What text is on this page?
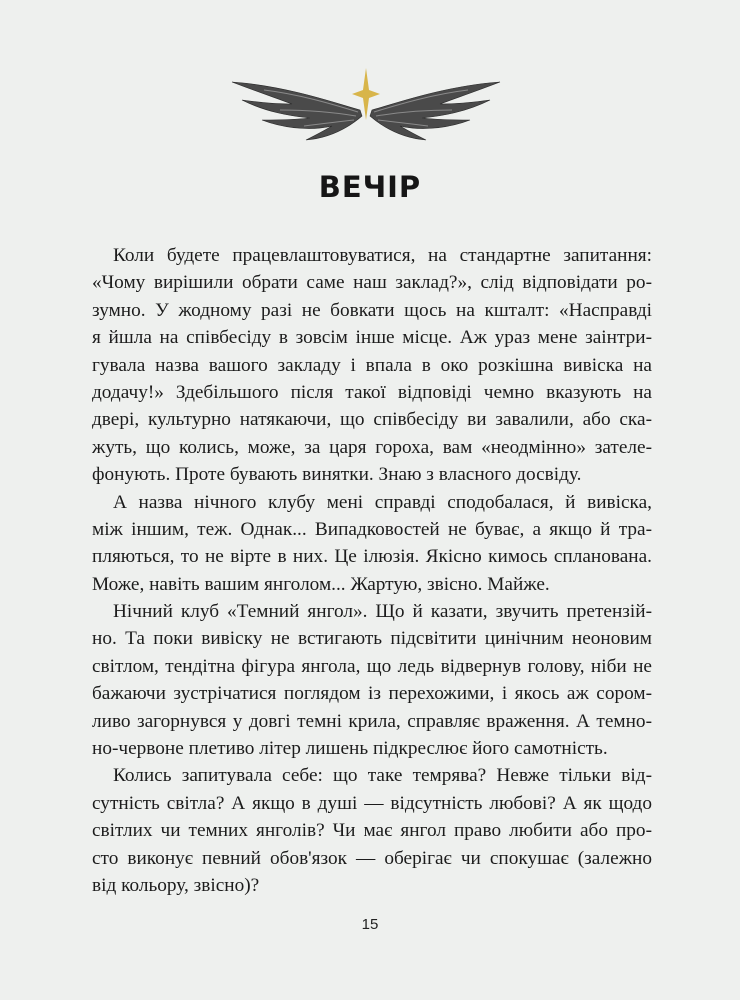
ВЕЧІР
Коли будете працевлаштовуватися, на стандартне запитання:
«Чому вирішили обрати саме наш заклад?», слід відповідати ро-
зумно. У жодному разі не бовкати щось на кшталт: «Насправді
я йшла на співбесіду в зовсім інше місце. Аж ураз мене заінтри-
гувала назва вашого закладу і впала в око розкішна вивіска на
додачу!» Здебільшого після такої відповіді чемно вказують на
двері, культурно натякаючи, що співбесіду ви завалили, або ска-
жуть, що колись, може, за царя гороха, вам «неодмінно» зателе-
фонують. Проте бувають винятки. Знаю з власного досвіду.
А назва нічного клубу мені справді сподобалася, й вивіска,
між іншим, теж. Однак... Випадковостей не буває, а якщо й тра-
пляються, то не вірте в них. Це ілюзія. Якісно кимось спланована.
Може, навіть вашим янголом... Жартую, звісно. Майже.
Нічний клуб «Темний янгол». Що й казати, звучить претензій-
но. Та поки вивіску не встигають підсвітити цинічним неоновим
світлом, тендітна фігура янгола, що ледь відвернув голову, ніби не
бажаючи зустрічатися поглядом із перехожими, і якось аж сором-
ливо загорнувся у довгі темні крила, справляє враження. А темно-
но-червоне плетиво літер лишень підкреслює його самотність.
Колись запитувала себе: що таке темрява? Невже тільки від-
сутність світла? А якщо в душі — відсутність любові? А як щодо
світлих чи темних янголів? Чи має янгол право любити або про-
сто виконує певний обов'язок — оберігає чи спокушає (залежно
від кольору, звісно)?
15
